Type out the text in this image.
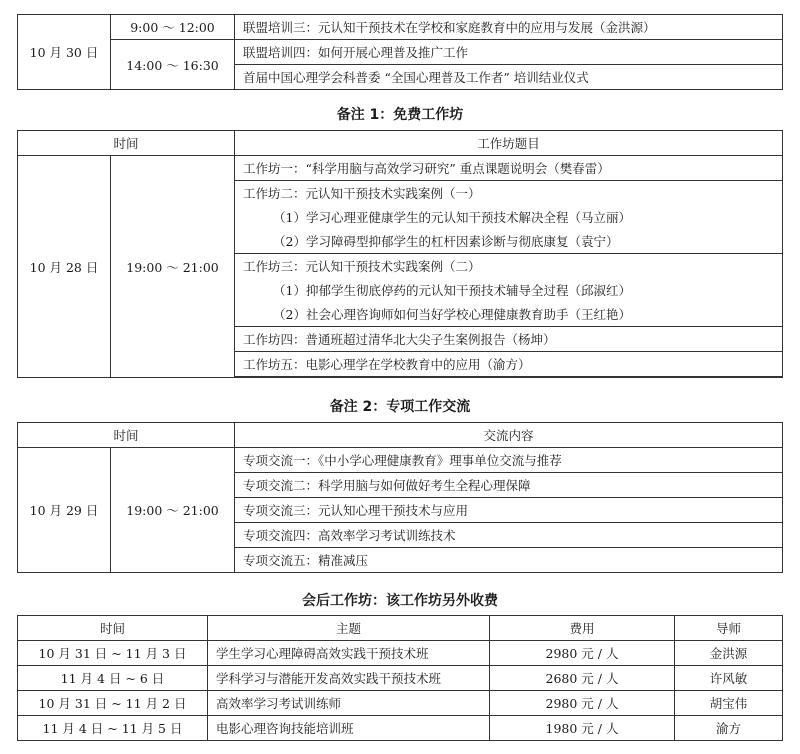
10 月 30 日	9:00 ～ 12:00	联盟培训三：元认知干预技术在学校和家庭教育中的应用与发展（金洪源）
	14:00 ～ 16:30	联盟培训四：如何开展心理普及推广工作
		首届中国心理学会科普委 “全国心理普及工作者” 培训结业仪式
备注 1：免费工作坊
时间		工作坊题目
10 月 28 日	19:00 ～ 21:00	工作坊一：“科学用脑与高效学习研究” 重点课题说明会（樊春雷）
		工作坊二：元认知干预技术实践案例（一）
		（1）学习心理亚健康学生的元认知干预技术解决全程（马立丽）
		（2）学习障碍型抑郁学生的杠杆因素诊断与彻底康复（袁宁）
		工作坊三：元认知干预技术实践案例（二）
		（1）抑郁学生彻底停药的元认知干预技术辅导全过程（邱淑红）
		（2）社会心理咨询师如何当好学校心理健康教育助手（王红艳）
		工作坊四：普通班超过清华北大尖子生案例报告（杨坤）
		工作坊五：电影心理学在学校教育中的应用（渝方）

备注 2：专项工作交流
时间		交流内容
10 月 29 日	19:00 ～ 21:00	专项交流一：《中小学心理健康教育》理事单位交流与推荐
		专项交流二：科学用脑与如何做好考生全程心理保障
		专项交流三：元认知心理干预技术与应用
		专项交流四：高效率学习考试训练技术
		专项交流五：精准减压
会后工作坊：该工作坊另外收费
时间	主题	费用	导师
10 月 31 日 ~ 11 月 3 日	学生学习心理障碍高效实践干预技术班	2980 元 / 人	金洪源
11 月 4 日 ~ 6 日	学科学习与潜能开发高效实践干预技术班	2680 元 / 人	许风敏
10 月 31 日 ~ 11 月 2 日	高效率学习考试训练师	2980 元 / 人	胡宝伟
11 月 4 日 ~ 11 月 5 日	电影心理咨询技能培训班	1980 元 / 人	渝方
